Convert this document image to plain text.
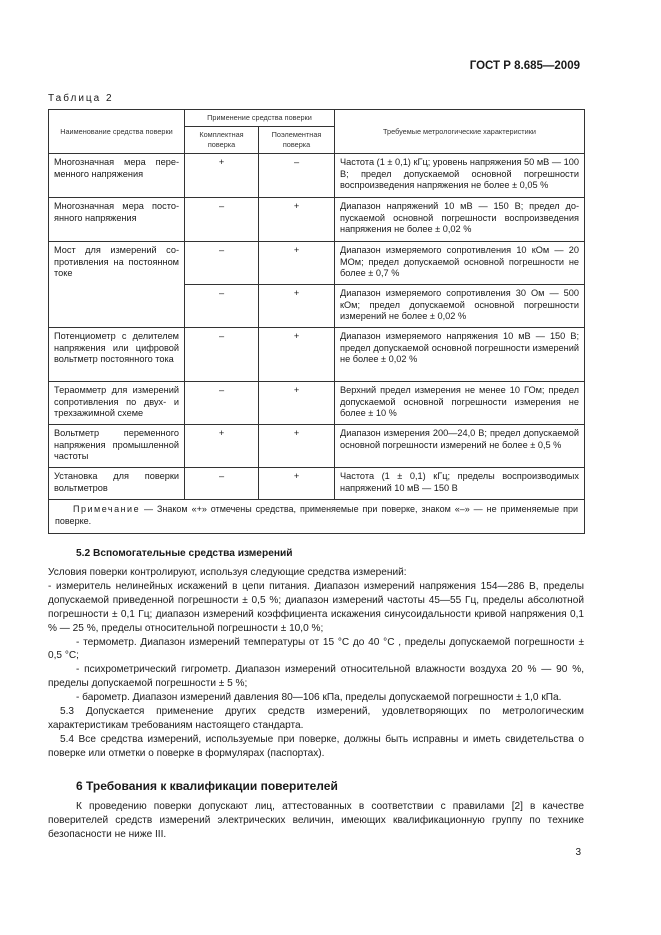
ГОСТ Р 8.685—2009
Таблица 2
Наименование средства поверки	Применение средства поверки		Требуемые метрологические характеристики
	Комплектная поверка	Поэлементная поверка	
Многозначная мера переменного напряжения	+	–	Частота (1 ± 0,1) кГц; уровень напряжения 50 мВ — 100 В; предел допускаемой основной погрешности воспроизведения напряжения не более ± 0,05 %
Многозначная мера постоянного напряжения	–	+	Диапазон напряжений 10 мВ — 150 В; предел допускаемой основной погрешности воспроизведения напряжения не более ± 0,02 %
Мост для измерений сопротивления на постоянном токе	–	+	Диапазон измеряемого сопротивления 10 кОм — 20 МОм; предел допускаемой основной погрешности не более ± 0,7 %
	–	+	Диапазон измеряемого сопротивления 30 Ом — 500 кОм; предел допускаемой основной погрешности измерений не более ± 0,02 %
Потенциометр с делителем напряжения или цифровой вольтметр постоянного тока	–	+	Диапазон измеряемого напряжения 10 мВ — 150 В; предел допускаемой основной погрешности измерений не более ± 0,02 %
Тераомметр для измерений сопротивления по двух- и трехзажимной схеме	–	+	Верхний предел измерения не менее 10 ГОм; предел допускаемой основной погрешности измерения не более ± 10 %
Вольтметр переменного напряжения промышленной частоты	+	+	Диапазон измерения 200—24,0 В; предел допускаемой основной погрешности измерений не более ± 0,5 %
Установка для поверки вольтметров	–	+	Частота (1 ± 0,1) кГц; пределы воспроизводимых напряжений 10 мВ — 150 В
Примечание — Знаком «+» отмечены средства, применяемые при поверке, знаком «–» — не применяемые при поверке.			
5.2 Вспомогательные средства измерений

Условия поверки контролируют, используя следующие средства измерений:

- измеритель нелинейных искажений в цепи питания. Диапазон измерений напряжения 154—286 В, пределы допускаемой приведенной погрешности ± 0,5 %; диапазон измерений частоты 45—55 Гц, пределы абсолютной погрешности ± 0,1 Гц; диапазон измерений коэффициента искажения синусоидальности кривой напряжения 0,1 % — 25 %, пределы относительной погрешности ± 10,0 %;

- термометр. Диапазон измерений температуры от 15 °С до 40 °С , пределы допускаемой погрешности ± 0,5 °С;

- психрометрический гигрометр. Диапазон измерений относительной влажности воздуха 20 % — 90 %, пределы допускаемой погрешности ± 5 %;

- барометр. Диапазон измерений давления 80—106 кПа, пределы допускаемой погрешности ± 1,0 кПа.

5.3 Допускается применение других средств измерений, удовлетворяющих по метрологическим характеристикам требованиям настоящего стандарта.

5.4 Все средства измерений, используемые при поверке, должны быть исправны и иметь свидетельства о поверке или отметки о поверке в формулярах (паспортах).

6 Требования к квалификации поверителей
К проведению поверки допускают лиц, аттестованных в соответствии с правилами [2] в качестве поверителей средств измерений электрических величин, имеющих квалификационную группу по технике безопасности не ниже III.
3
